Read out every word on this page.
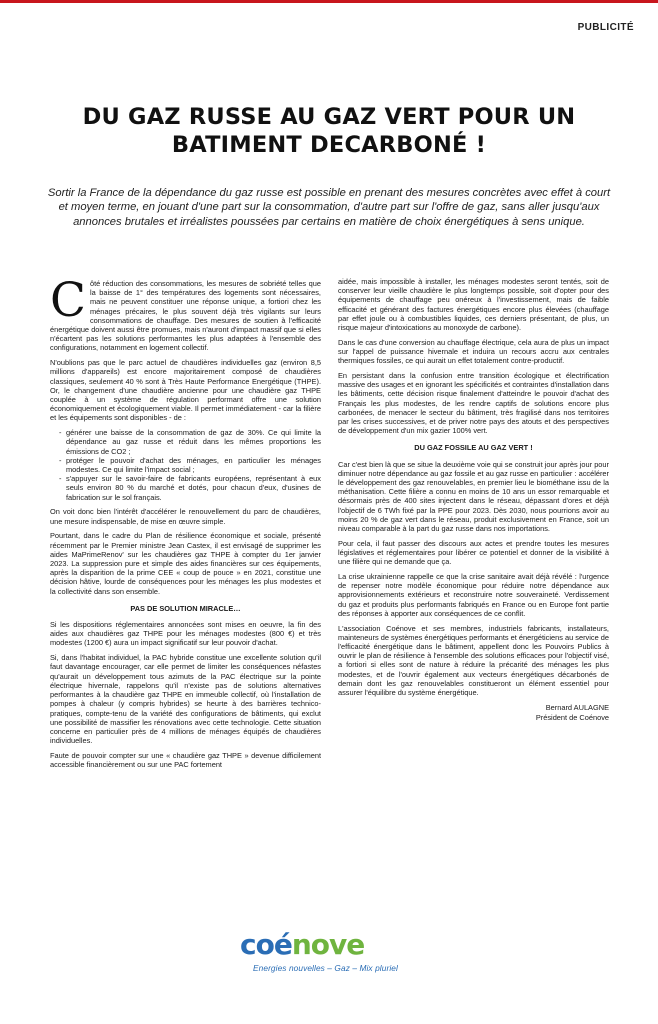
PUBLICITÉ
DU GAZ RUSSE AU GAZ VERT POUR UN BATIMENT DECARBONÉ !

Sortir la France de la dépendance du gaz russe est possible en prenant des mesures concrètes avec effet à court et moyen terme, en jouant d'une part sur la consommation, d'autre part sur l'offre de gaz, sans aller jusqu'aux annonces brutales et irréalistes poussées par certains en matière de choix énergétiques à sens unique.

Côté réduction des consommations, les mesures de sobriété telles que la baisse de 1° des températures des logements sont nécessaires, mais ne peuvent constituer une réponse unique, a fortiori chez les ménages précaires, le plus souvent déjà très vigilants sur leurs consommations de chauffage. Des mesures de soutien à l'efficacité énergétique doivent aussi être promues, mais n'auront d'impact massif que si elles n'écartent pas les solutions performantes les plus adaptées à l'ensemble des configurations, notamment en logement collectif.

N'oublions pas que le parc actuel de chaudières individuelles gaz (environ 8,5 millions d'appareils) est encore majoritairement composé de chaudières classiques, seulement 40 % sont à Très Haute Performance Energétique (THPE). Or, le changement d'une chaudière ancienne pour une chaudière gaz THPE couplée à un système de régulation performant offre une solution économiquement et écologiquement viable. Il permet immédiatement - car la filière et les équipements sont disponibles - de :

- générer une baisse de la consommation de gaz de 30%. Ce qui limite la dépendance au gaz russe et réduit dans les mêmes proportions les émissions de CO2 ;
- protéger le pouvoir d'achat des ménages, en particulier les ménages modestes. Ce qui limite l'impact social ;
- s'appuyer sur le savoir-faire de fabricants européens, représentant à eux seuls environ 80 % du marché et dotés, pour chacun d'eux, d'usines de fabrication sur le sol français.

On voit donc bien l'intérêt d'accélérer le renouvellement du parc de chaudières, une mesure indispensable, de mise en œuvre simple.

Pourtant, dans le cadre du Plan de résilience économique et sociale, présenté récemment par le Premier ministre Jean Castex, il est envisagé de supprimer les aides MaPrimeRenov' sur les chaudières gaz THPE à compter du 1er janvier 2023. La suppression pure et simple des aides financières sur ces équipements, après la disparition de la prime CEE « coup de pouce » en 2021, constitue une décision hâtive, lourde de conséquences pour les ménages les plus modestes et la collectivité dans son ensemble.

PAS DE SOLUTION MIRACLE…

Si les dispositions réglementaires annoncées sont mises en oeuvre, la fin des aides aux chaudières gaz THPE pour les ménages modestes (800 €) et très modestes (1200 €) aura un impact significatif sur leur pouvoir d'achat.

Si, dans l'habitat individuel, la PAC hybride constitue une excellente solution qu'il faut davantage encourager, car elle permet de limiter les conséquences néfastes qu'aurait un développement tous azimuts de la PAC électrique sur la pointe électrique hivernale, rappelons qu'il n'existe pas de solutions alternatives performantes à la chaudière gaz THPE en immeuble collectif, où l'installation de pompes à chaleur (y compris hybrides) se heurte à des barrières technico-pratiques, compte-tenu de la variété des configurations de bâtiments, qui exclut une possibilité de massifier les rénovations avec cette technologie. Cette situation concerne en particulier près de 4 millions de ménages équipés de chaudières individuelles.

Faute de pouvoir compter sur une « chaudière gaz THPE » devenue difficilement accessible financièrement ou sur une PAC fortement

aidée, mais impossible à installer, les ménages modestes seront tentés, soit de conserver leur vieille chaudière le plus longtemps possible, soit d'opter pour des équipements de chauffage peu onéreux à l'investissement, mais de faible efficacité et générant des factures énergétiques encore plus élevées (chauffage par effet joule ou à combustibles liquides, ces derniers présentant, de plus, un risque majeur d'intoxications au monoxyde de carbone).

Dans le cas d'une conversion au chauffage électrique, cela aura de plus un impact sur l'appel de puissance hivernale et induira un recours accru aux centrales thermiques fossiles, ce qui aurait un effet totalement contre-productif.

En persistant dans la confusion entre transition écologique et électrification massive des usages et en ignorant les spécificités et contraintes d'installation dans les bâtiments, cette décision risque finalement d'atteindre le pouvoir d'achat des Français les plus modestes, de les rendre captifs de solutions encore plus carbonées, de menacer le secteur du bâtiment, très fragilisé dans nos territoires par les crises successives, et de priver notre pays des atouts et des perspectives de développement d'un mix gazier 100% vert.

DU GAZ FOSSILE AU GAZ VERT !

Car c'est bien là que se situe la deuxième voie qui se construit jour après jour pour diminuer notre dépendance au gaz fossile et au gaz russe en particulier : accélérer le développement des gaz renouvelables, en premier lieu le biométhane issu de la méthanisation. Cette filière a connu en moins de 10 ans un essor remarquable et désormais près de 400 sites injectent dans le réseau, dépassant d'ores et déjà l'objectif de 6 TWh fixé par la PPE pour 2023. Dès 2030, nous pourrions avoir au moins 20 % de gaz vert dans le réseau, produit exclusivement en France, soit un niveau comparable à la part du gaz russe dans nos importations.

Pour cela, il faut passer des discours aux actes et prendre toutes les mesures législatives et réglementaires pour libérer ce potentiel et donner de la visibilité à une filière qui ne demande que ça.

La crise ukrainienne rappelle ce que la crise sanitaire avait déjà révélé : l'urgence de repenser notre modèle économique pour réduire notre dépendance aux approvisionnements extérieurs et reconstruire notre souveraineté. Verdissement du gaz et produits plus performants fabriqués en France ou en Europe font partie des réponses à apporter aux conséquences de ce conflit.

L'association Coénove et ses membres, industriels fabricants, installateurs, mainteneurs de systèmes énergétiques performants et énergéticiens au service de l'efficacité énergétique dans le bâtiment, appellent donc les Pouvoirs Publics à ouvrir le plan de résilience à l'ensemble des solutions efficaces pour l'objectif visé, a fortiori si elles sont de nature à réduire la précarité des ménages les plus modestes, et de l'ouvrir également aux vecteurs énergétiques décarbonés de demain dont les gaz renouvelables constitueront un élément essentiel pour assurer l'équilibre du système énergétique.

Bernard AULAGNE
Président de Coénove
coénove
Energies nouvelles – Gaz – Mix pluriel
